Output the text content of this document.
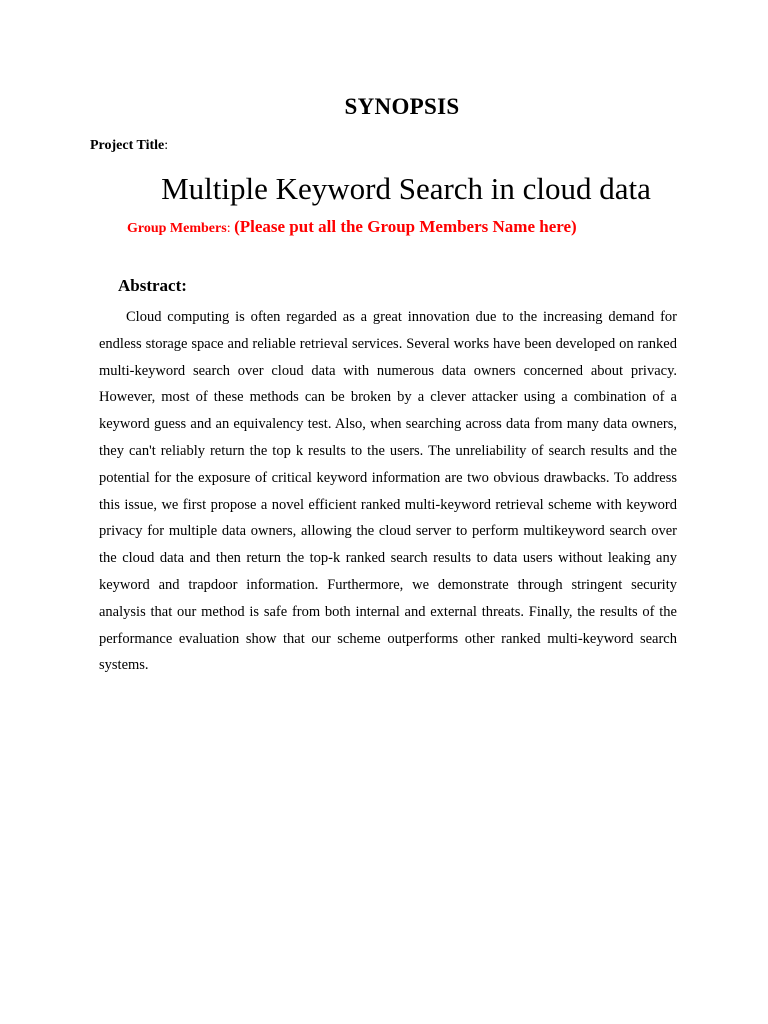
SYNOPSIS
Project Title:
Multiple Keyword Search in cloud data
Group Members: (Please put all the Group Members Name here)
Abstract:

Cloud computing is often regarded as a great innovation due to the increasing demand for endless storage space and reliable retrieval services. Several works have been developed on ranked multi-keyword search over cloud data with numerous data owners concerned about privacy. However, most of these methods can be broken by a clever attacker using a combination of a keyword guess and an equivalency test. Also, when searching across data from many data owners, they can't reliably return the top k results to the users. The unreliability of search results and the potential for the exposure of critical keyword information are two obvious drawbacks. To address this issue, we first propose a novel efficient ranked multi-keyword retrieval scheme with keyword privacy for multiple data owners, allowing the cloud server to perform multikeyword search over the cloud data and then return the top-k ranked search results to data users without leaking any keyword and trapdoor information. Furthermore, we demonstrate through stringent security analysis that our method is safe from both internal and external threats. Finally, the results of the performance evaluation show that our scheme outperforms other ranked multi-keyword search systems.
